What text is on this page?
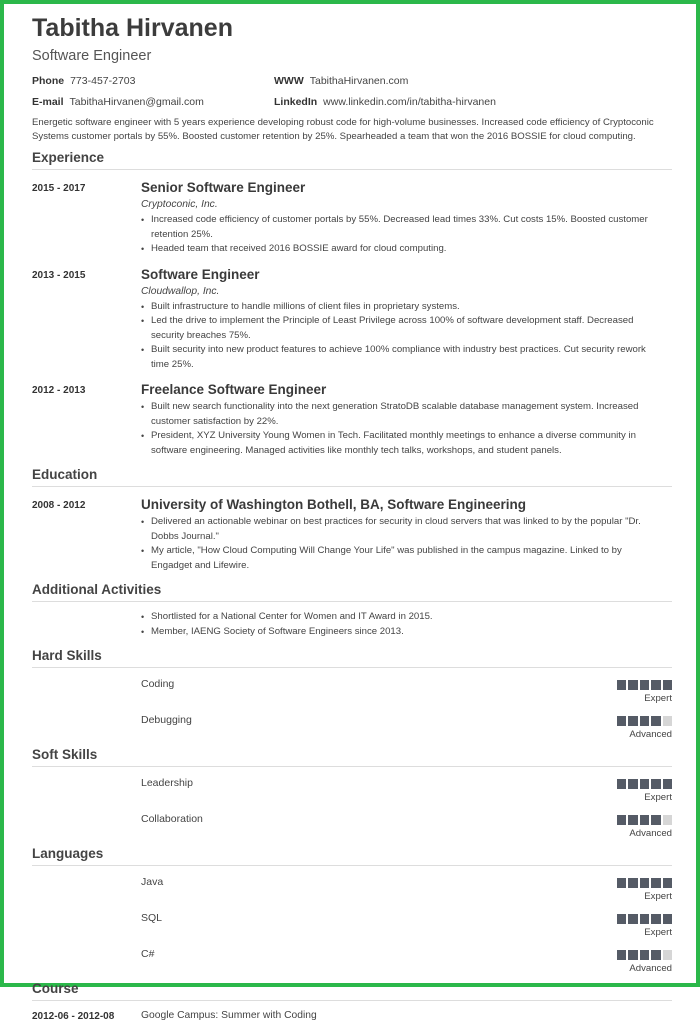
Tabitha Hirvanen
Software Engineer
Phone 773-457-2703	WWW TabithaHirvanen.com
E-mail TabithaHirvanen@gmail.com	LinkedIn www.linkedin.com/in/tabitha-hirvanen
Energetic software engineer with 5 years experience developing robust code for high-volume businesses. Increased code efficiency of Cryptoconic
Systems customer portals by 55%. Boosted customer retention by 25%. Spearheaded a team that won the 2016 BOSSIE for cloud computing.
Experience
2015 - 2017	Senior Software Engineer
Cryptoconic, Inc.
• Increased code efficiency of customer portals by 55%. Decreased lead times 33%. Cut costs 15%. Boosted customer
retention 25%.
• Headed team that received 2016 BOSSIE award for cloud computing.
2013 - 2015	Software Engineer
Cloudwallop, Inc.
• Built infrastructure to handle millions of client files in proprietary systems.
• Led the drive to implement the Principle of Least Privilege across 100% of software development staff. Decreased
security breaches 75%.
• Built security into new product features to achieve 100% compliance with industry best practices. Cut security rework
time 25%.
2012 - 2013	Freelance Software Engineer
• Built new search functionality into the next generation StratoDB scalable database management system. Increased
customer satisfaction by 22%.
• President, XYZ University Young Women in Tech. Facilitated monthly meetings to enhance a diverse community in
software engineering. Managed activities like monthly tech talks, workshops, and student panels.
Education
2008 - 2012	University of Washington Bothell, BA, Software Engineering
• Delivered an actionable webinar on best practices for security in cloud servers that was linked to by the popular "Dr.
Dobbs Journal."
• My article, "How Cloud Computing Will Change Your Life" was published in the campus magazine. Linked to by
Engadget and Lifewire.
Additional Activities
• Shortlisted for a National Center for Women and IT Award in 2015.
• Member, IAENG Society of Software Engineers since 2013.
Hard Skills
Coding
Expert
Debugging
Advanced
Soft Skills
Leadership
Expert
Collaboration
Advanced
Languages
Java
Expert
SQL
Expert
C#
Advanced
Course
2012-06 - 2012-08	Google Campus: Summer with Coding
